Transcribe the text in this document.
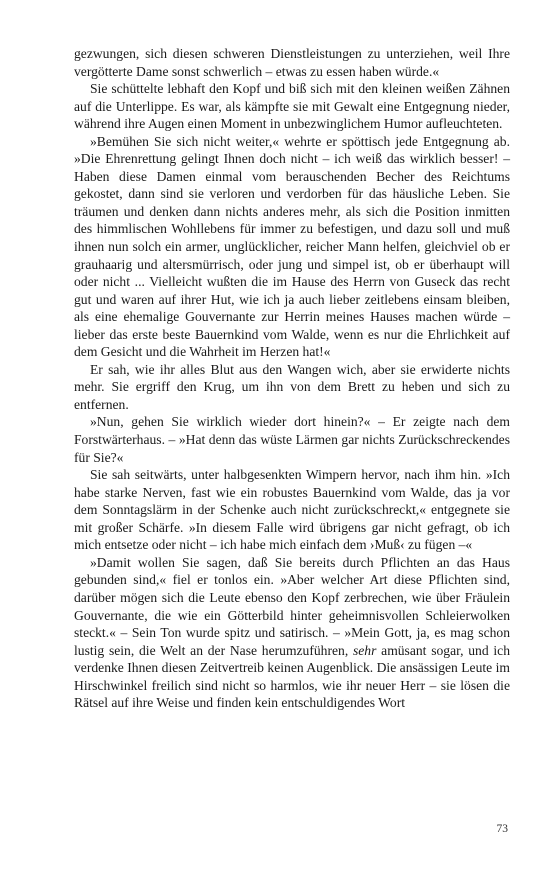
gezwungen, sich diesen schweren Dienstleistungen zu unterziehen, weil Ihre vergötterte Dame sonst schwerlich – etwas zu essen haben würde.«

Sie schüttelte lebhaft den Kopf und biß sich mit den kleinen weißen Zähnen auf die Unterlippe. Es war, als kämpfte sie mit Gewalt eine Entgegnung nieder, während ihre Augen einen Moment in unbezwinglichem Humor aufleuchteten.

»Bemühen Sie sich nicht weiter,« wehrte er spöttisch jede Entgegnung ab. »Die Ehrenrettung gelingt Ihnen doch nicht – ich weiß das wirklich besser! – Haben diese Damen einmal vom berauschenden Becher des Reichtums gekostet, dann sind sie verloren und verdorben für das häusliche Leben. Sie träumen und denken dann nichts anderes mehr, als sich die Position inmitten des himmlischen Wohllebens für immer zu befestigen, und dazu soll und muß ihnen nun solch ein armer, unglücklicher, reicher Mann helfen, gleichviel ob er grauhaarig und altersmürrisch, oder jung und simpel ist, ob er überhaupt will oder nicht ... Vielleicht wußten die im Hause des Herrn von Guseck das recht gut und waren auf ihrer Hut, wie ich ja auch lieber zeitlebens einsam bleiben, als eine ehemalige Gouvernante zur Herrin meines Hauses machen würde – lieber das erste beste Bauernkind vom Walde, wenn es nur die Ehrlichkeit auf dem Gesicht und die Wahrheit im Herzen hat!«

Er sah, wie ihr alles Blut aus den Wangen wich, aber sie erwiderte nichts mehr. Sie ergriff den Krug, um ihn von dem Brett zu heben und sich zu entfernen.

»Nun, gehen Sie wirklich wieder dort hinein?« – Er zeigte nach dem Forstwärterhaus. – »Hat denn das wüste Lärmen gar nichts Zurückschreckendes für Sie?«

Sie sah seitwärts, unter halbgesenkten Wimpern hervor, nach ihm hin. »Ich habe starke Nerven, fast wie ein robustes Bauernkind vom Walde, das ja vor dem Sonntagslärm in der Schenke auch nicht zurückschreckt,« entgegnete sie mit großer Schärfe. »In diesem Falle wird übrigens gar nicht gefragt, ob ich mich entsetze oder nicht – ich habe mich einfach dem ›Muß‹ zu fügen –«

»Damit wollen Sie sagen, daß Sie bereits durch Pflichten an das Haus gebunden sind,« fiel er tonlos ein. »Aber welcher Art diese Pflichten sind, darüber mögen sich die Leute ebenso den Kopf zerbrechen, wie über Fräulein Gouvernante, die wie ein Götterbild hinter geheimnisvollen Schleierwolken steckt.« – Sein Ton wurde spitz und satirisch. – »Mein Gott, ja, es mag schon lustig sein, die Welt an der Nase herumzuführen, sehr amüsant sogar, und ich verdenke Ihnen diesen Zeitvertreib keinen Augenblick. Die ansässigen Leute im Hirschwinkel freilich sind nicht so harmlos, wie ihr neuer Herr – sie lösen die Rätsel auf ihre Weise und finden kein entschuldigendes Wort

73
